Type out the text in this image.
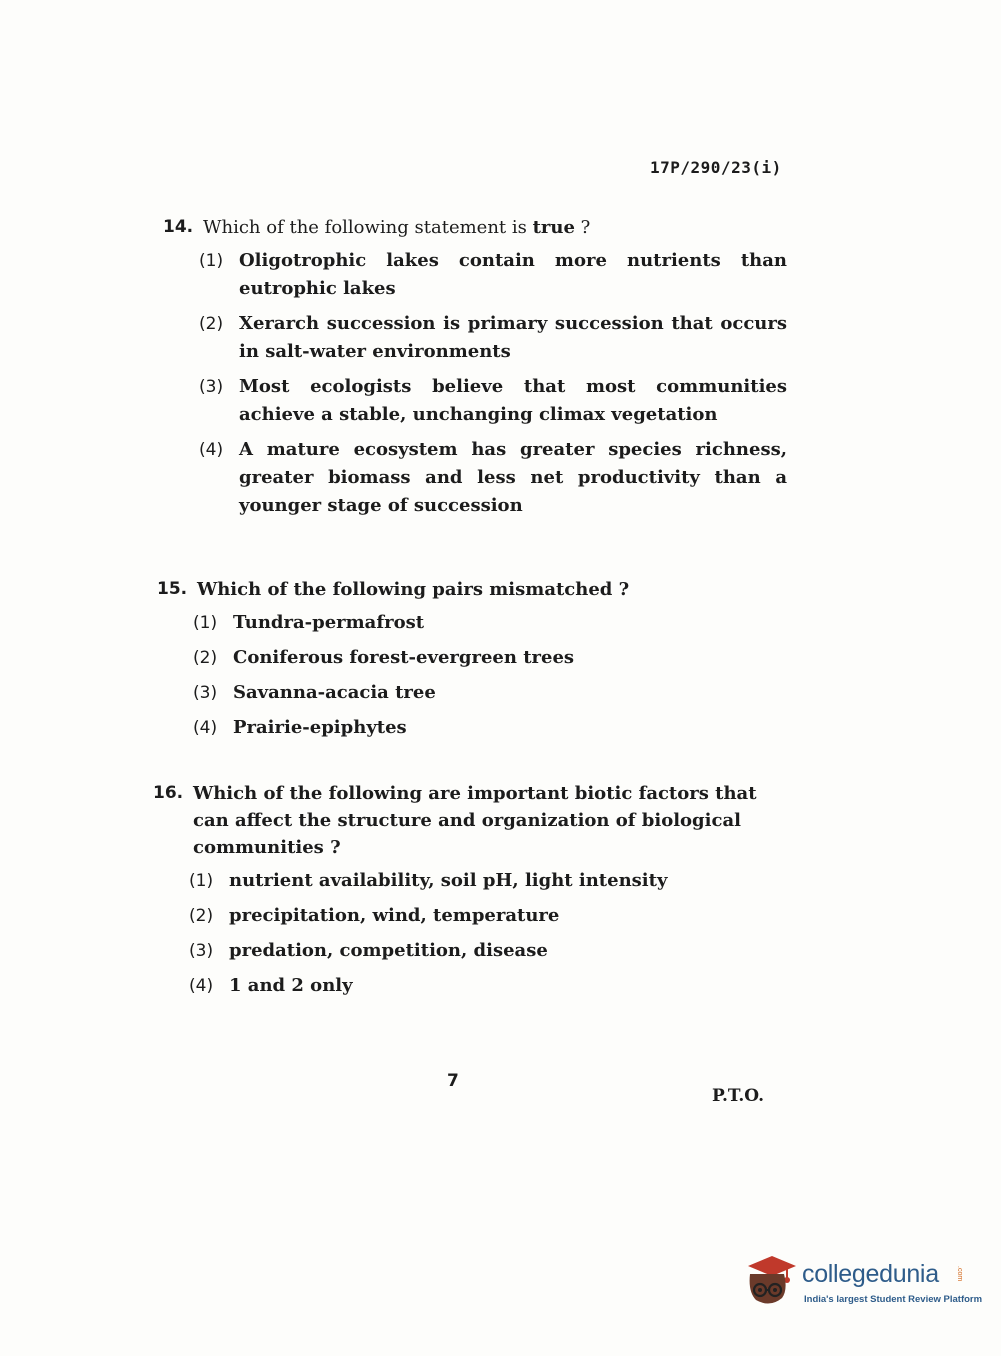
17P/290/23(i)
14. Which of the following statement is true ?
(1) Oligotrophic lakes contain more nutrients than eutrophic lakes
(2) Xerarch succession is primary succession that occurs in salt-water environments
(3) Most ecologists believe that most communities achieve a stable, unchanging climax vegetation
(4) A mature ecosystem has greater species richness, greater biomass and less net productivity than a younger stage of succession
15. Which of the following pairs mismatched ?
(1) Tundra-permafrost
(2) Coniferous forest-evergreen trees
(3) Savanna-acacia tree
(4) Prairie-epiphytes
16. Which of the following are important biotic factors that can affect the structure and organization of biological communities ?
(1) nutrient availability, soil pH, light intensity
(2) precipitation, wind, temperature
(3) predation, competition, disease
(4) 1 and 2 only
7
P.T.O.
collegedunia .com
India's largest Student Review Platform
